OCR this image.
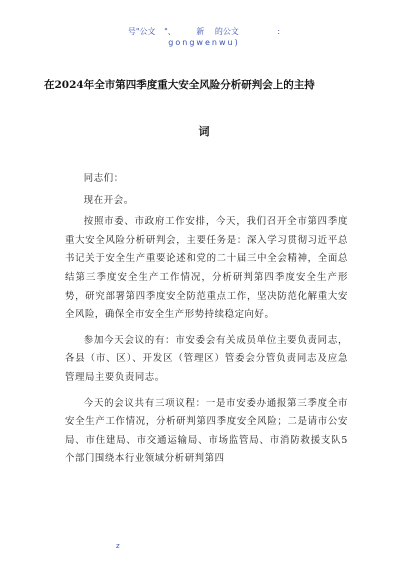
号"公文 "、	新 的公文	:
gongwenwu)
在2024年全市第四季度重大安全风险分析研判会上的主持
词

同志们：

现在开会。

按照市委、市政府工作安排，今天，我们召开全市第四季度重大安全风险分析研判会，主要任务是：深入学习贯彻习近平总书记关于安全生产重要论述和党的二十届三中全会精神，全面总结第三季度安全生产工作情况，分析研判第四季度安全生产形势，研究部署第四季度安全防范重点工作，坚决防范化解重大安全风险，确保全市安全生产形势持续稳定向好。

参加今天会议的有：市安委会有关成员单位主要负责同志，各县（市、区）、开发区（管理区）管委会分管负责同志及应急管理局主要负责同志。

今天的会议共有三项议程：一是市安委办通报第三季度全市安全生产工作情况，分析研判第四季度安全风险；二是请市公安局、市住建局、市交通运输局、市场监管局、市消防救援支队5个部门围绕本行业领域分析研判第四

z
